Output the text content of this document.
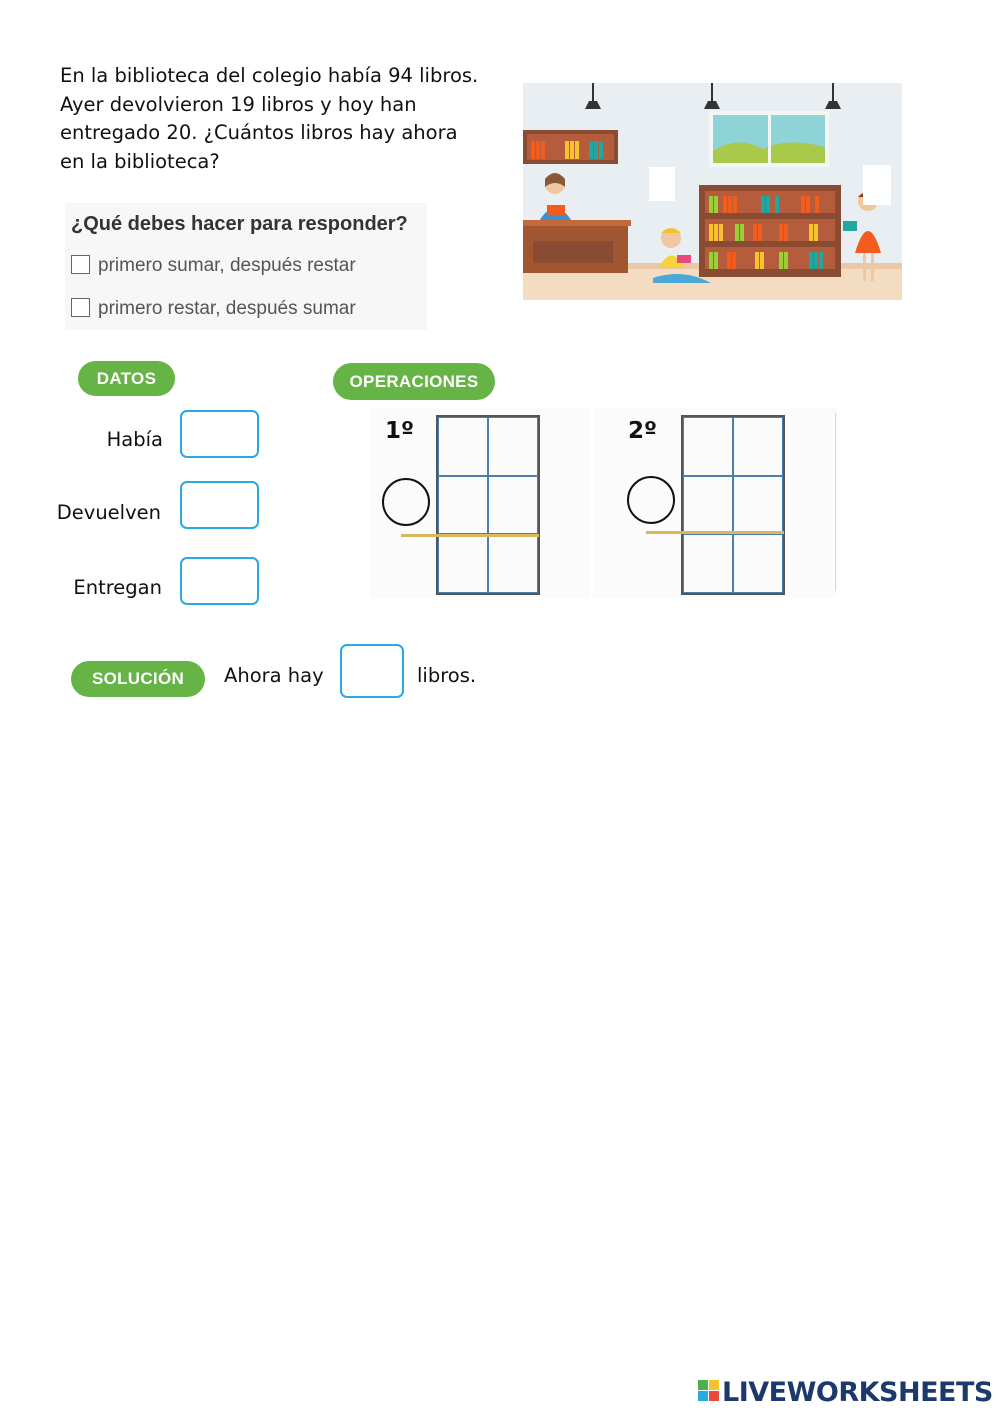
En la biblioteca del colegio había 94 libros.
Ayer devolvieron 19 libros y hoy han
entregado 20. ¿Cuántos libros hay ahora
en la biblioteca?
¿Qué debes hacer para responder?
primero sumar, después restar
primero restar, después sumar
DATOS
Había
Devuelven
Entregan
OPERACIONES
1º	2º
SOLUCIÓN	Ahora hay	libros.
LIVEWORKSHEETS
